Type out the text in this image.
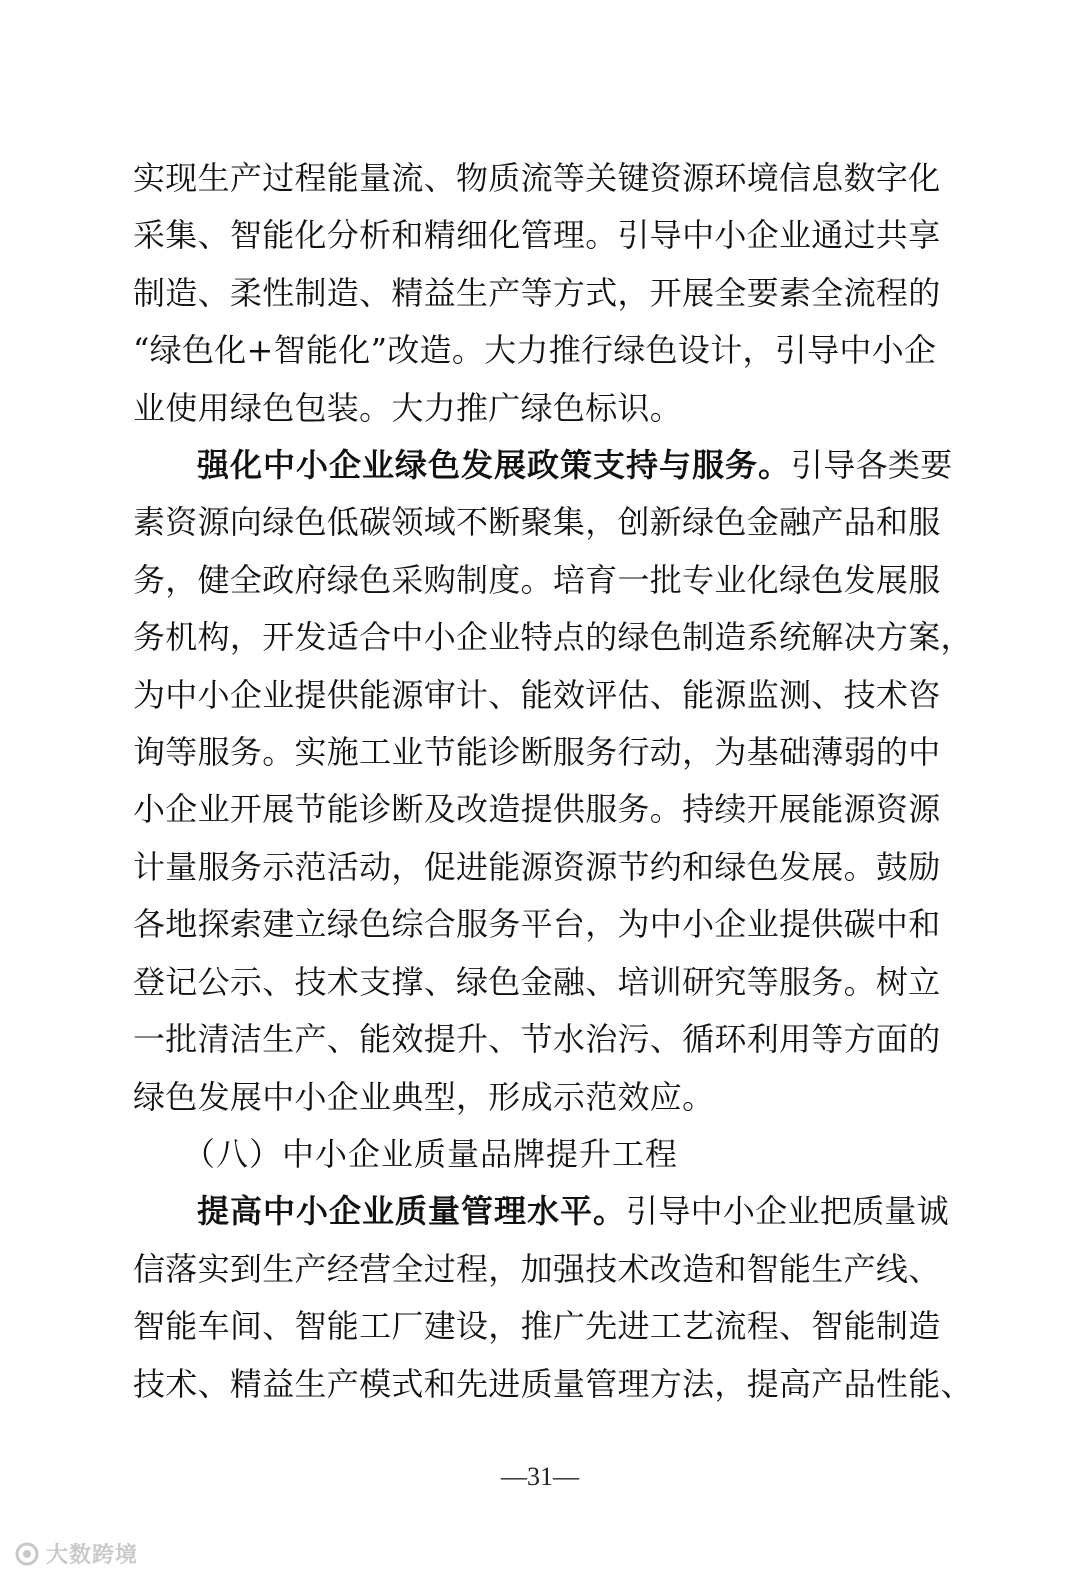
实现生产过程能量流、物质流等关键资源环境信息数字化
采集、智能化分析和精细化管理。引导中小企业通过共享
制造、柔性制造、精益生产等方式，开展全要素全流程的
“绿色化+智能化”改造。大力推行绿色设计，引导中小企
业使用绿色包装。大力推广绿色标识。

强化中小企业绿色发展政策支持与服务。引导各类要
素资源向绿色低碳领域不断聚集，创新绿色金融产品和服
务，健全政府绿色采购制度。培育一批专业化绿色发展服
务机构，开发适合中小企业特点的绿色制造系统解决方案，
为中小企业提供能源审计、能效评估、能源监测、技术咨
询等服务。实施工业节能诊断服务行动，为基础薄弱的中
小企业开展节能诊断及改造提供服务。持续开展能源资源
计量服务示范活动，促进能源资源节约和绿色发展。鼓励
各地探索建立绿色综合服务平台，为中小企业提供碳中和
登记公示、技术支撑、绿色金融、培训研究等服务。树立
一批清洁生产、能效提升、节水治污、循环利用等方面的
绿色发展中小企业典型，形成示范效应。

（八）中小企业质量品牌提升工程

提高中小企业质量管理水平。引导中小企业把质量诚
信落实到生产经营全过程，加强技术改造和智能生产线、
智能车间、智能工厂建设，推广先进工艺流程、智能制造
技术、精益生产模式和先进质量管理方法，提高产品性能、

—31—
大数跨境
